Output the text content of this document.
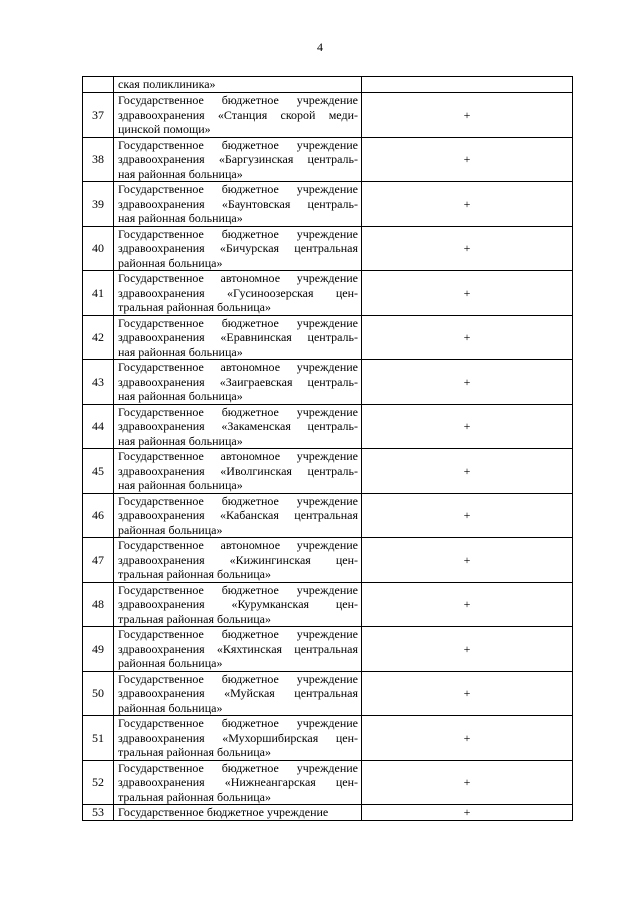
4

	ская поликлиника»	

37	Государственное бюджетное учреждение
здравоохранения «Станция скорой меди-
цинской помощи»	+
38	Государственное бюджетное учреждение
здравоохранения «Баргузинская централь-
ная районная больница»	+
39	Государственное бюджетное учреждение
здравоохранения «Баунтовская централь-
ная районная больница»	+
40	Государственное бюджетное учреждение
здравоохранения «Бичурская центральная
районная больница»	+
41	Государственное автономное учреждение
здравоохранения «Гусиноозерская цен-
тральная районная больница»	+
42	Государственное бюджетное учреждение
здравоохранения «Еравнинская централь-
ная районная больница»	+
43	Государственное автономное учреждение
здравоохранения «Заиграевская централь-
ная районная больница»	+
44	Государственное бюджетное учреждение
здравоохранения «Закаменская централь-
ная районная больница»	+
45	Государственное автономное учреждение
здравоохранения «Иволгинская централь-
ная районная больница»	+
46	Государственное бюджетное учреждение
здравоохранения «Кабанская центральная
районная больница»	+
47	Государственное автономное учреждение
здравоохранения «Кижингинская цен-
тральная районная больница»	+
48	Государственное бюджетное учреждение
здравоохранения «Курумканская цен-
тральная районная больница»	+
49	Государственное бюджетное учреждение
здравоохранения «Кяхтинская центральная
районная больница»	+
50	Государственное бюджетное учреждение
здравоохранения «Муйская центральная
районная больница»	+
51	Государственное бюджетное учреждение
здравоохранения «Мухоршибирская цен-
тральная районная больница»	+
52	Государственное бюджетное учреждение
здравоохранения «Нижнеангарская цен-
тральная районная больница»	+
53	Государственное бюджетное учреждение	+
